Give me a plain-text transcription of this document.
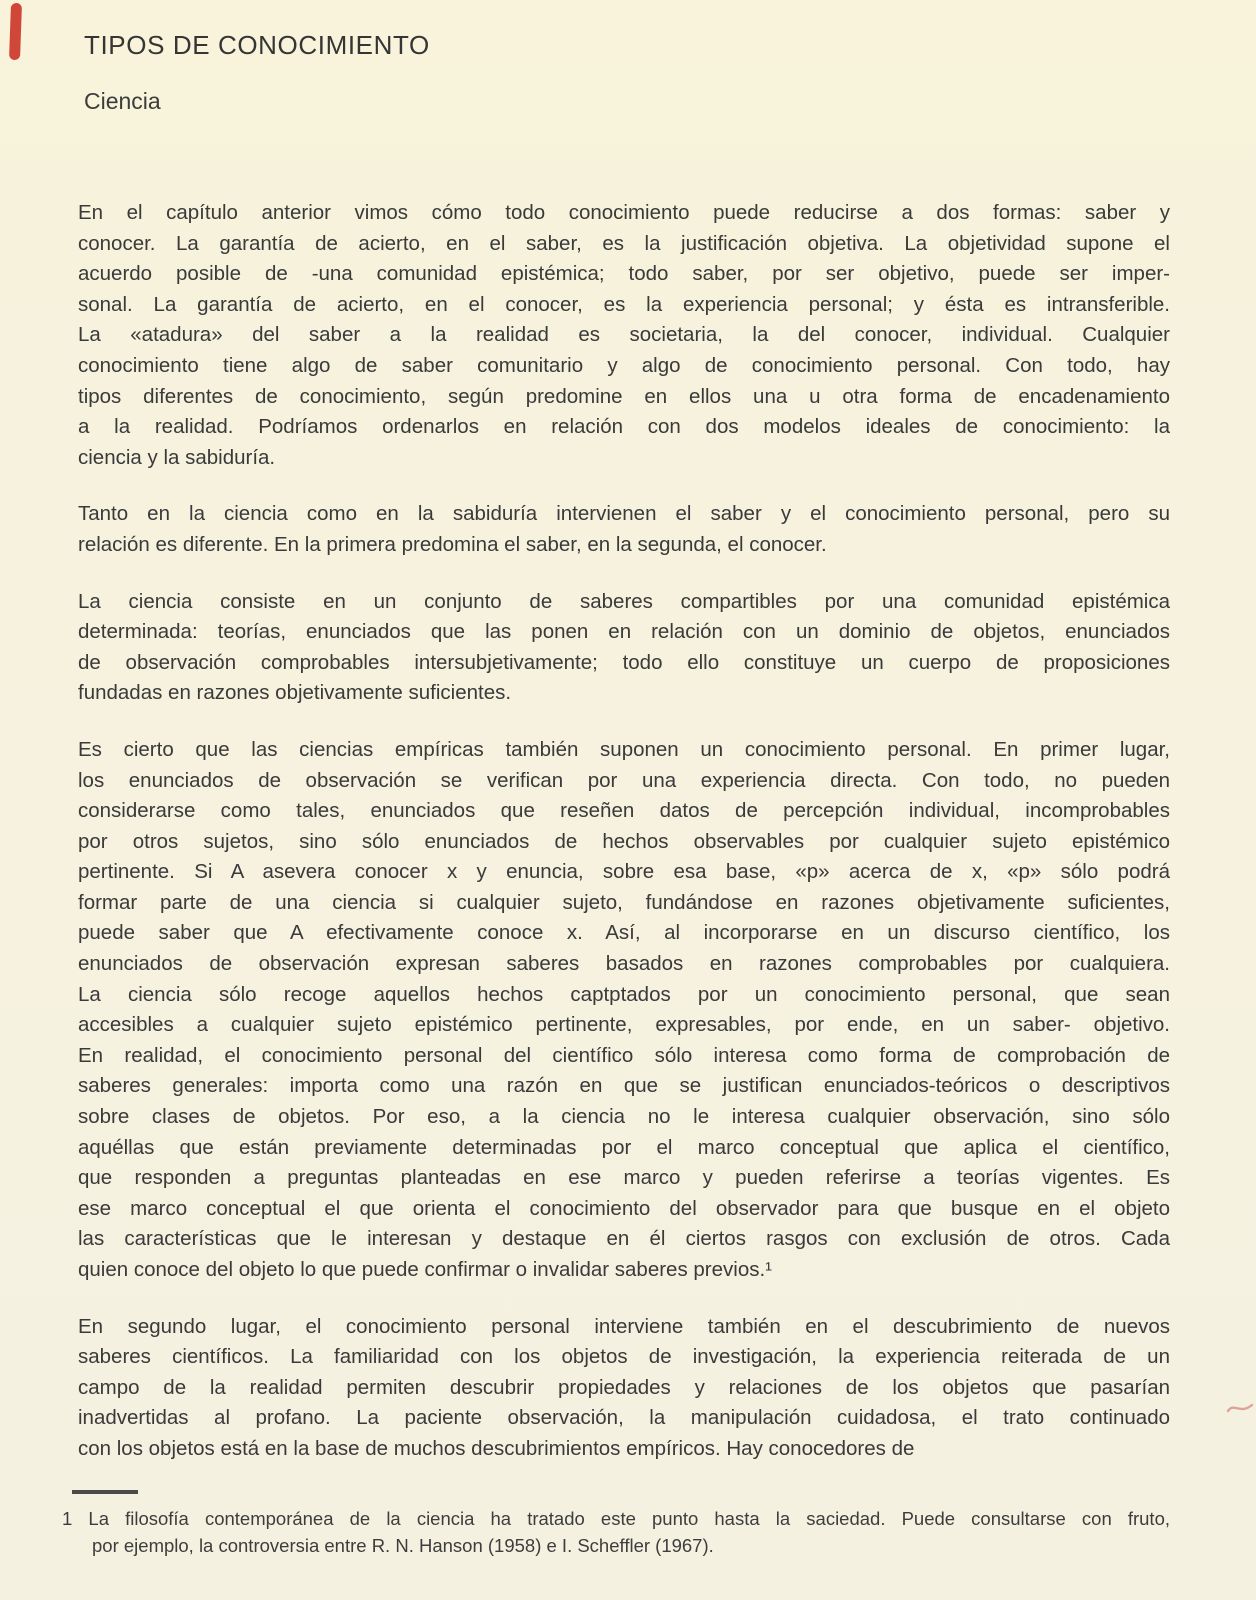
TIPOS DE CONOCIMIENTO
Ciencia
En el capítulo anterior vimos cómo todo conocimiento puede reducirse a dos formas: saber y
conocer. La garantía de acierto, en el saber, es la justificación objetiva. La objetividad supone el
acuerdo posible de -una comunidad epistémica; todo saber, por ser objetivo, puede ser imper-
sonal. La garantía de acierto, en el conocer, es la experiencia personal; y ésta es intransferible.
La «atadura» del saber a la realidad es societaria, la del conocer, individual. Cualquier
conocimiento tiene algo de saber comunitario y algo de conocimiento personal. Con todo, hay
tipos diferentes de conocimiento, según predomine en ellos una u otra forma de encadenamiento
a la realidad. Podríamos ordenarlos en relación con dos modelos ideales de conocimiento: la
ciencia y la sabiduría.
Tanto en la ciencia como en la sabiduría intervienen el saber y el conocimiento personal, pero su
relación es diferente. En la primera predomina el saber, en la segunda, el conocer.
La ciencia consiste en un conjunto de saberes compartibles por una comunidad epistémica
determinada: teorías, enunciados que las ponen en relación con un dominio de objetos, enunciados
de observación comprobables intersubjetivamente; todo ello constituye un cuerpo de proposiciones
fundadas en razones objetivamente suficientes.
Es cierto que las ciencias empíricas también suponen un conocimiento personal. En primer lugar,
los enunciados de observación se verifican por una experiencia directa. Con todo, no pueden
considerarse como tales, enunciados que reseñen datos de percepción individual, incomprobables
por otros sujetos, sino sólo enunciados de hechos observables por cualquier sujeto epistémico
pertinente. Si A asevera conocer x y enuncia, sobre esa base, «p» acerca de x, «p» sólo podrá
formar parte de una ciencia si cualquier sujeto, fundándose en razones objetivamente suficientes,
puede saber que A efectivamente conoce x. Así, al incorporarse en un discurso científico, los
enunciados de observación expresan saberes basados en razones comprobables por cualquiera.
La ciencia sólo recoge aquellos hechos captptados por un conocimiento personal, que sean
accesibles a cualquier sujeto epistémico pertinente, expresables, por ende, en un saber- objetivo.
En realidad, el conocimiento personal del científico sólo interesa como forma de comprobación de
saberes generales: importa como una razón en que se justifican enunciados-teóricos o descriptivos
sobre clases de objetos. Por eso, a la ciencia no le interesa cualquier observación, sino sólo
aquéllas que están previamente determinadas por el marco conceptual que aplica el científico,
que responden a preguntas planteadas en ese marco y pueden referirse a teorías vigentes. Es
ese marco conceptual el que orienta el conocimiento del observador para que busque en el objeto
las características que le interesan y destaque en él ciertos rasgos con exclusión de otros. Cada
quien conoce del objeto lo que puede confirmar o invalidar saberes previos.¹
En segundo lugar, el conocimiento personal interviene también en el descubrimiento de nuevos
saberes científicos. La familiaridad con los objetos de investigación, la experiencia reiterada de un
campo de la realidad permiten descubrir propiedades y relaciones de los objetos que pasarían
inadvertidas al profano. La paciente observación, la manipulación cuidadosa, el trato continuado
con los objetos está en la base de muchos descubrimientos empíricos. Hay conocedores de
1 La filosofía contemporánea de la ciencia ha tratado este punto hasta la saciedad. Puede consultarse con fruto,
por ejemplo, la controversia entre R. N. Hanson (1958) e I. Scheffler (1967).
